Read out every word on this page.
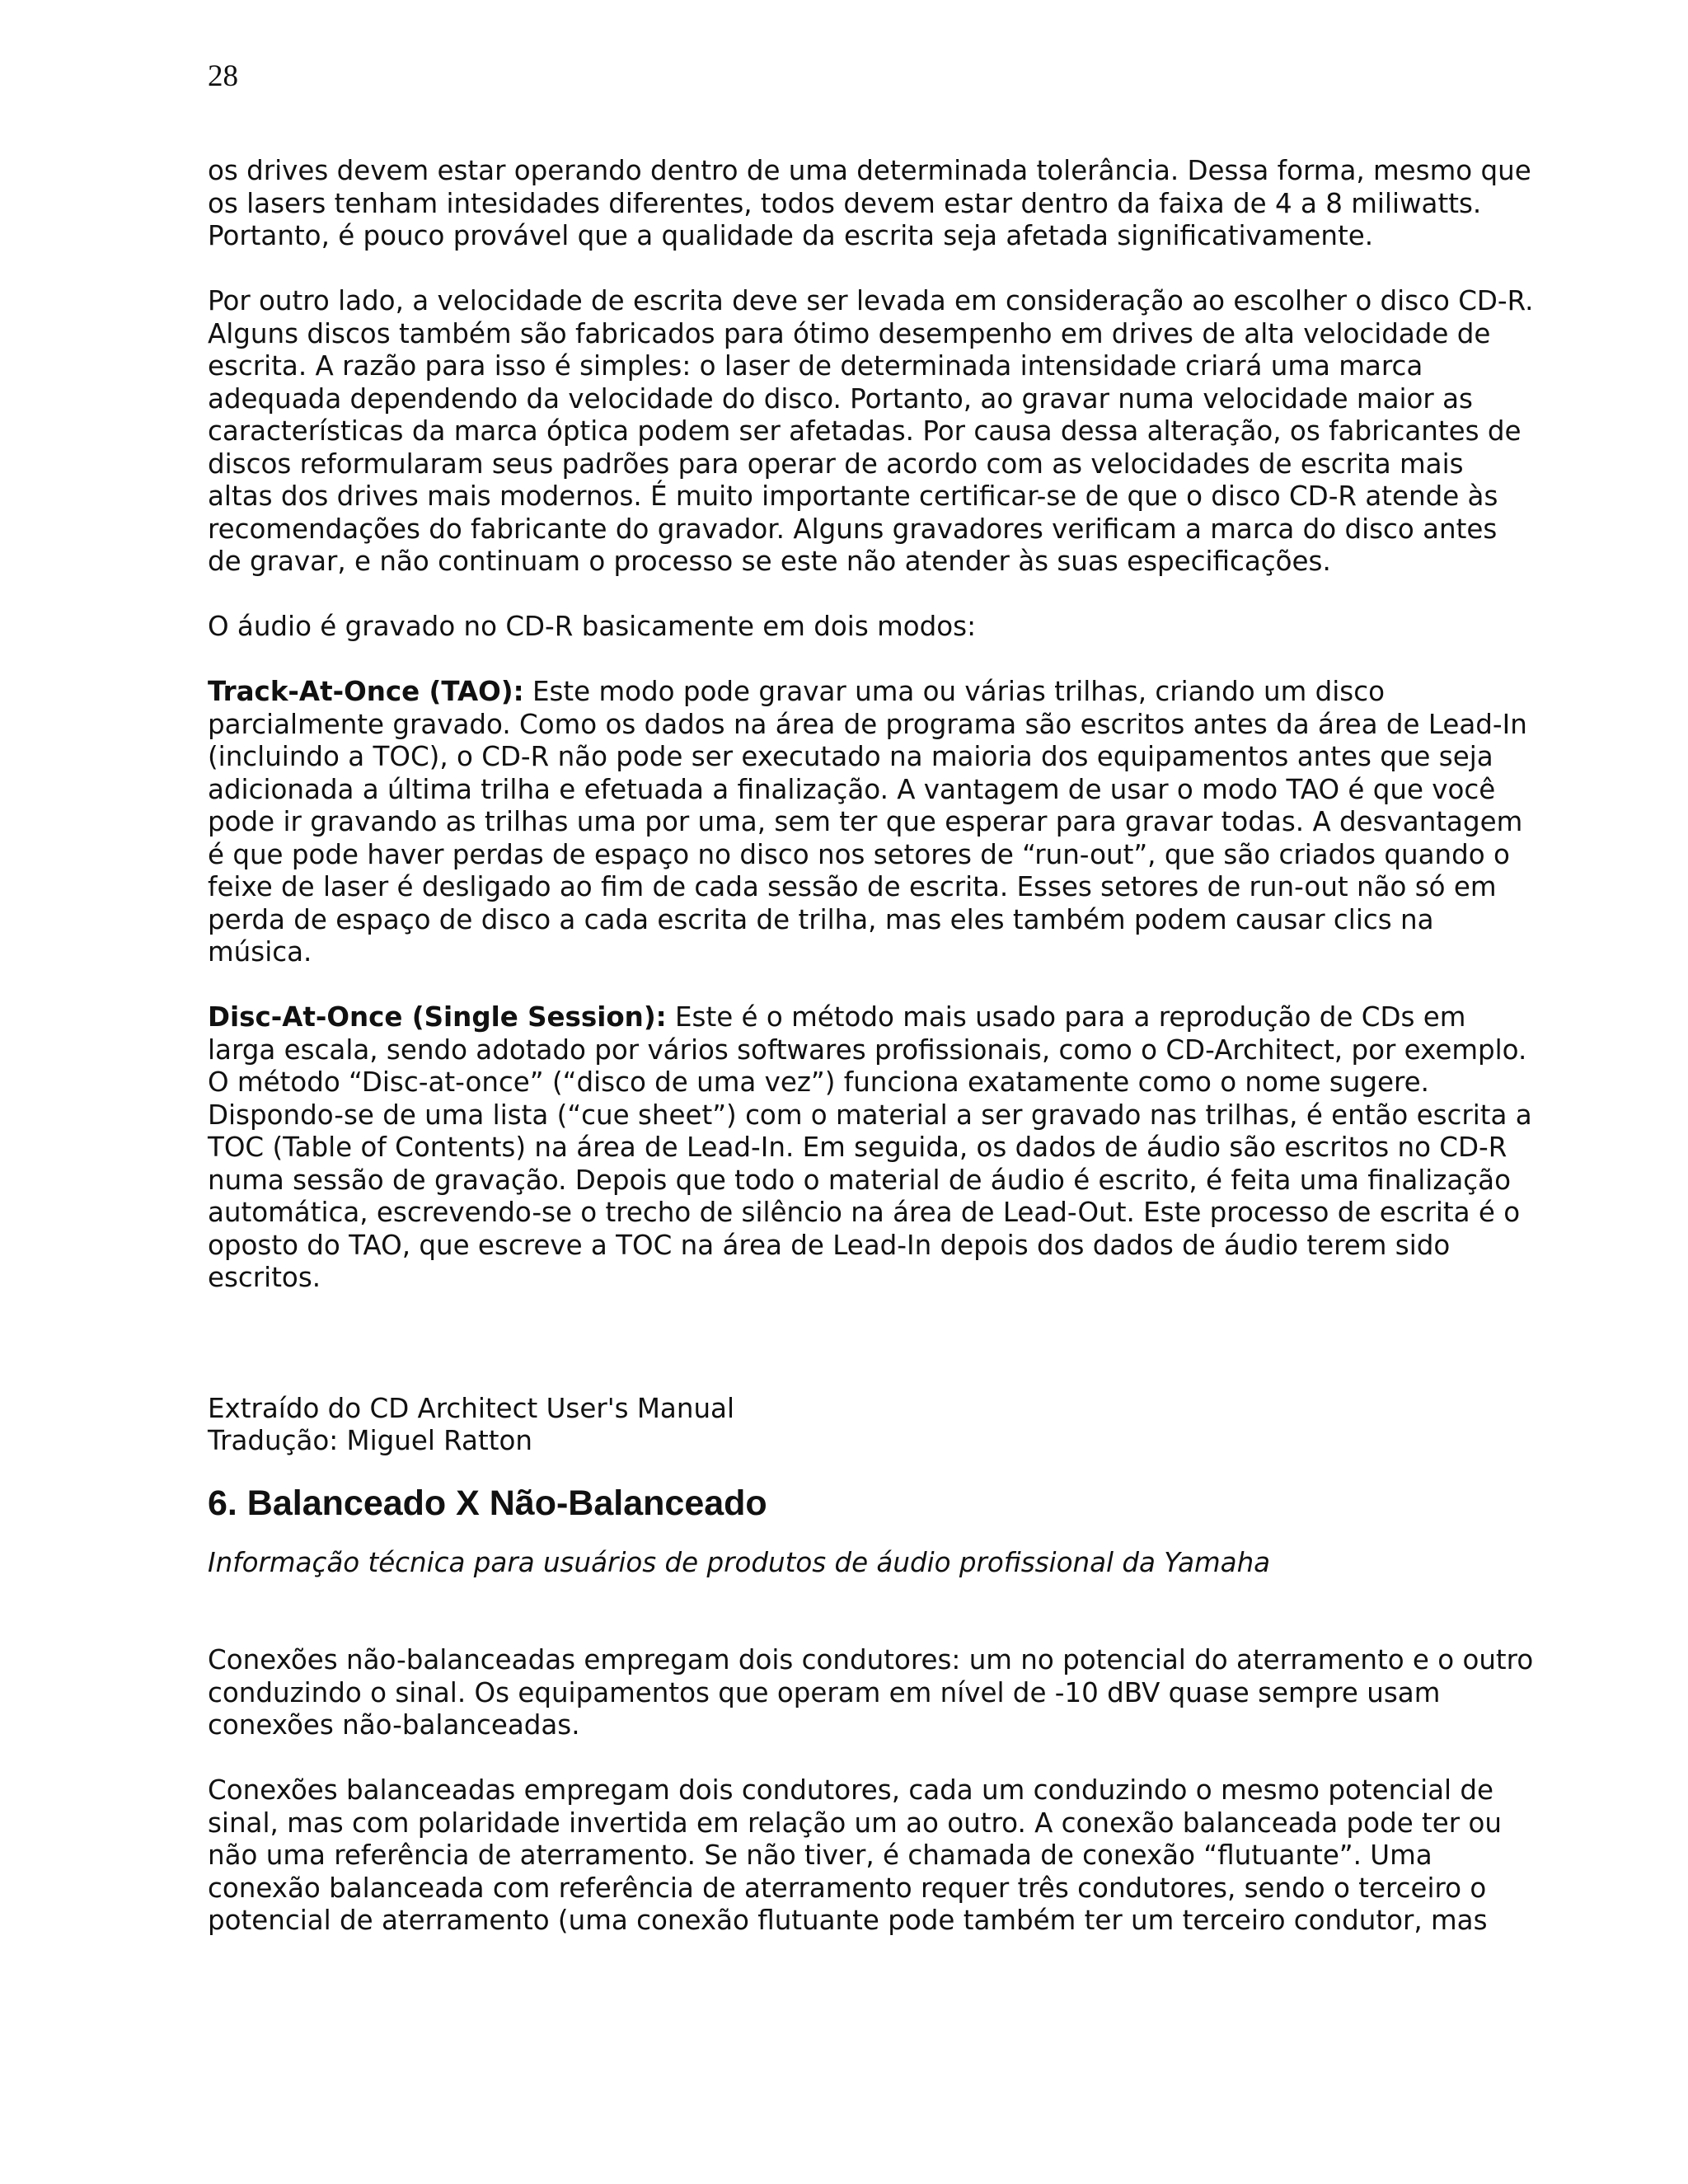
28

os drives devem estar operando dentro de uma determinada tolerância. Dessa forma, mesmo que os lasers tenham intesidades diferentes, todos devem estar dentro da faixa de 4 a 8 miliwatts. Portanto, é pouco provável que a qualidade da escrita seja afetada significativamente.

Por outro lado, a velocidade de escrita deve ser levada em consideração ao escolher o disco CD-R. Alguns discos também são fabricados para ótimo desempenho em drives de alta velocidade de escrita. A razão para isso é simples: o laser de determinada intensidade criará uma marca adequada dependendo da velocidade do disco. Portanto, ao gravar numa velocidade maior as características da marca óptica podem ser afetadas. Por causa dessa alteração, os fabricantes de discos reformularam seus padrões para operar de acordo com as velocidades de escrita mais altas dos drives mais modernos. É muito importante certificar-se de que o disco CD-R atende às recomendações do fabricante do gravador. Alguns gravadores verificam a marca do disco antes de gravar, e não continuam o processo se este não atender às suas especificações.

O áudio é gravado no CD-R basicamente em dois modos:

Track-At-Once (TAO): Este modo pode gravar uma ou várias trilhas, criando um disco parcialmente gravado. Como os dados na área de programa são escritos antes da área de Lead-In (incluindo a TOC), o CD-R não pode ser executado na maioria dos equipamentos antes que seja adicionada a última trilha e efetuada a finalização. A vantagem de usar o modo TAO é que você pode ir gravando as trilhas uma por uma, sem ter que esperar para gravar todas. A desvantagem é que pode haver perdas de espaço no disco nos setores de “run-out”, que são criados quando o feixe de laser é desligado ao fim de cada sessão de escrita. Esses setores de run-out não só em perda de espaço de disco a cada escrita de trilha, mas eles também podem causar clics na música.

Disc-At-Once (Single Session): Este é o método mais usado para a reprodução de CDs em larga escala, sendo adotado por vários softwares profissionais, como o CD-Architect, por exemplo. O método “Disc-at-once” (“disco de uma vez”) funciona exatamente como o nome sugere. Dispondo-se de uma lista (“cue sheet”) com o material a ser gravado nas trilhas, é então escrita a TOC (Table of Contents) na área de Lead-In. Em seguida, os dados de áudio são escritos no CD-R numa sessão de gravação. Depois que todo o material de áudio é escrito, é feita uma finalização automática, escrevendo-se o trecho de silêncio na área de Lead-Out. Este processo de escrita é o oposto do TAO, que escreve a TOC na área de Lead-In depois dos dados de áudio terem sido escritos.

Extraído do CD Architect User's Manual

Tradução: Miguel Ratton

6. Balanceado X Não-Balanceado

Informação técnica para usuários de produtos de áudio profissional da Yamaha

Conexões não-balanceadas empregam dois condutores: um no potencial do aterramento e o outro conduzindo o sinal. Os equipamentos que operam em nível de -10 dBV quase sempre usam conexões não-balanceadas.

Conexões balanceadas empregam dois condutores, cada um conduzindo o mesmo potencial de sinal, mas com polaridade invertida em relação um ao outro. A conexão balanceada pode ter ou não uma referência de aterramento. Se não tiver, é chamada de conexão “flutuante”. Uma conexão balanceada com referência de aterramento requer três condutores, sendo o terceiro o potencial de aterramento (uma conexão flutuante pode também ter um terceiro condutor, mas
